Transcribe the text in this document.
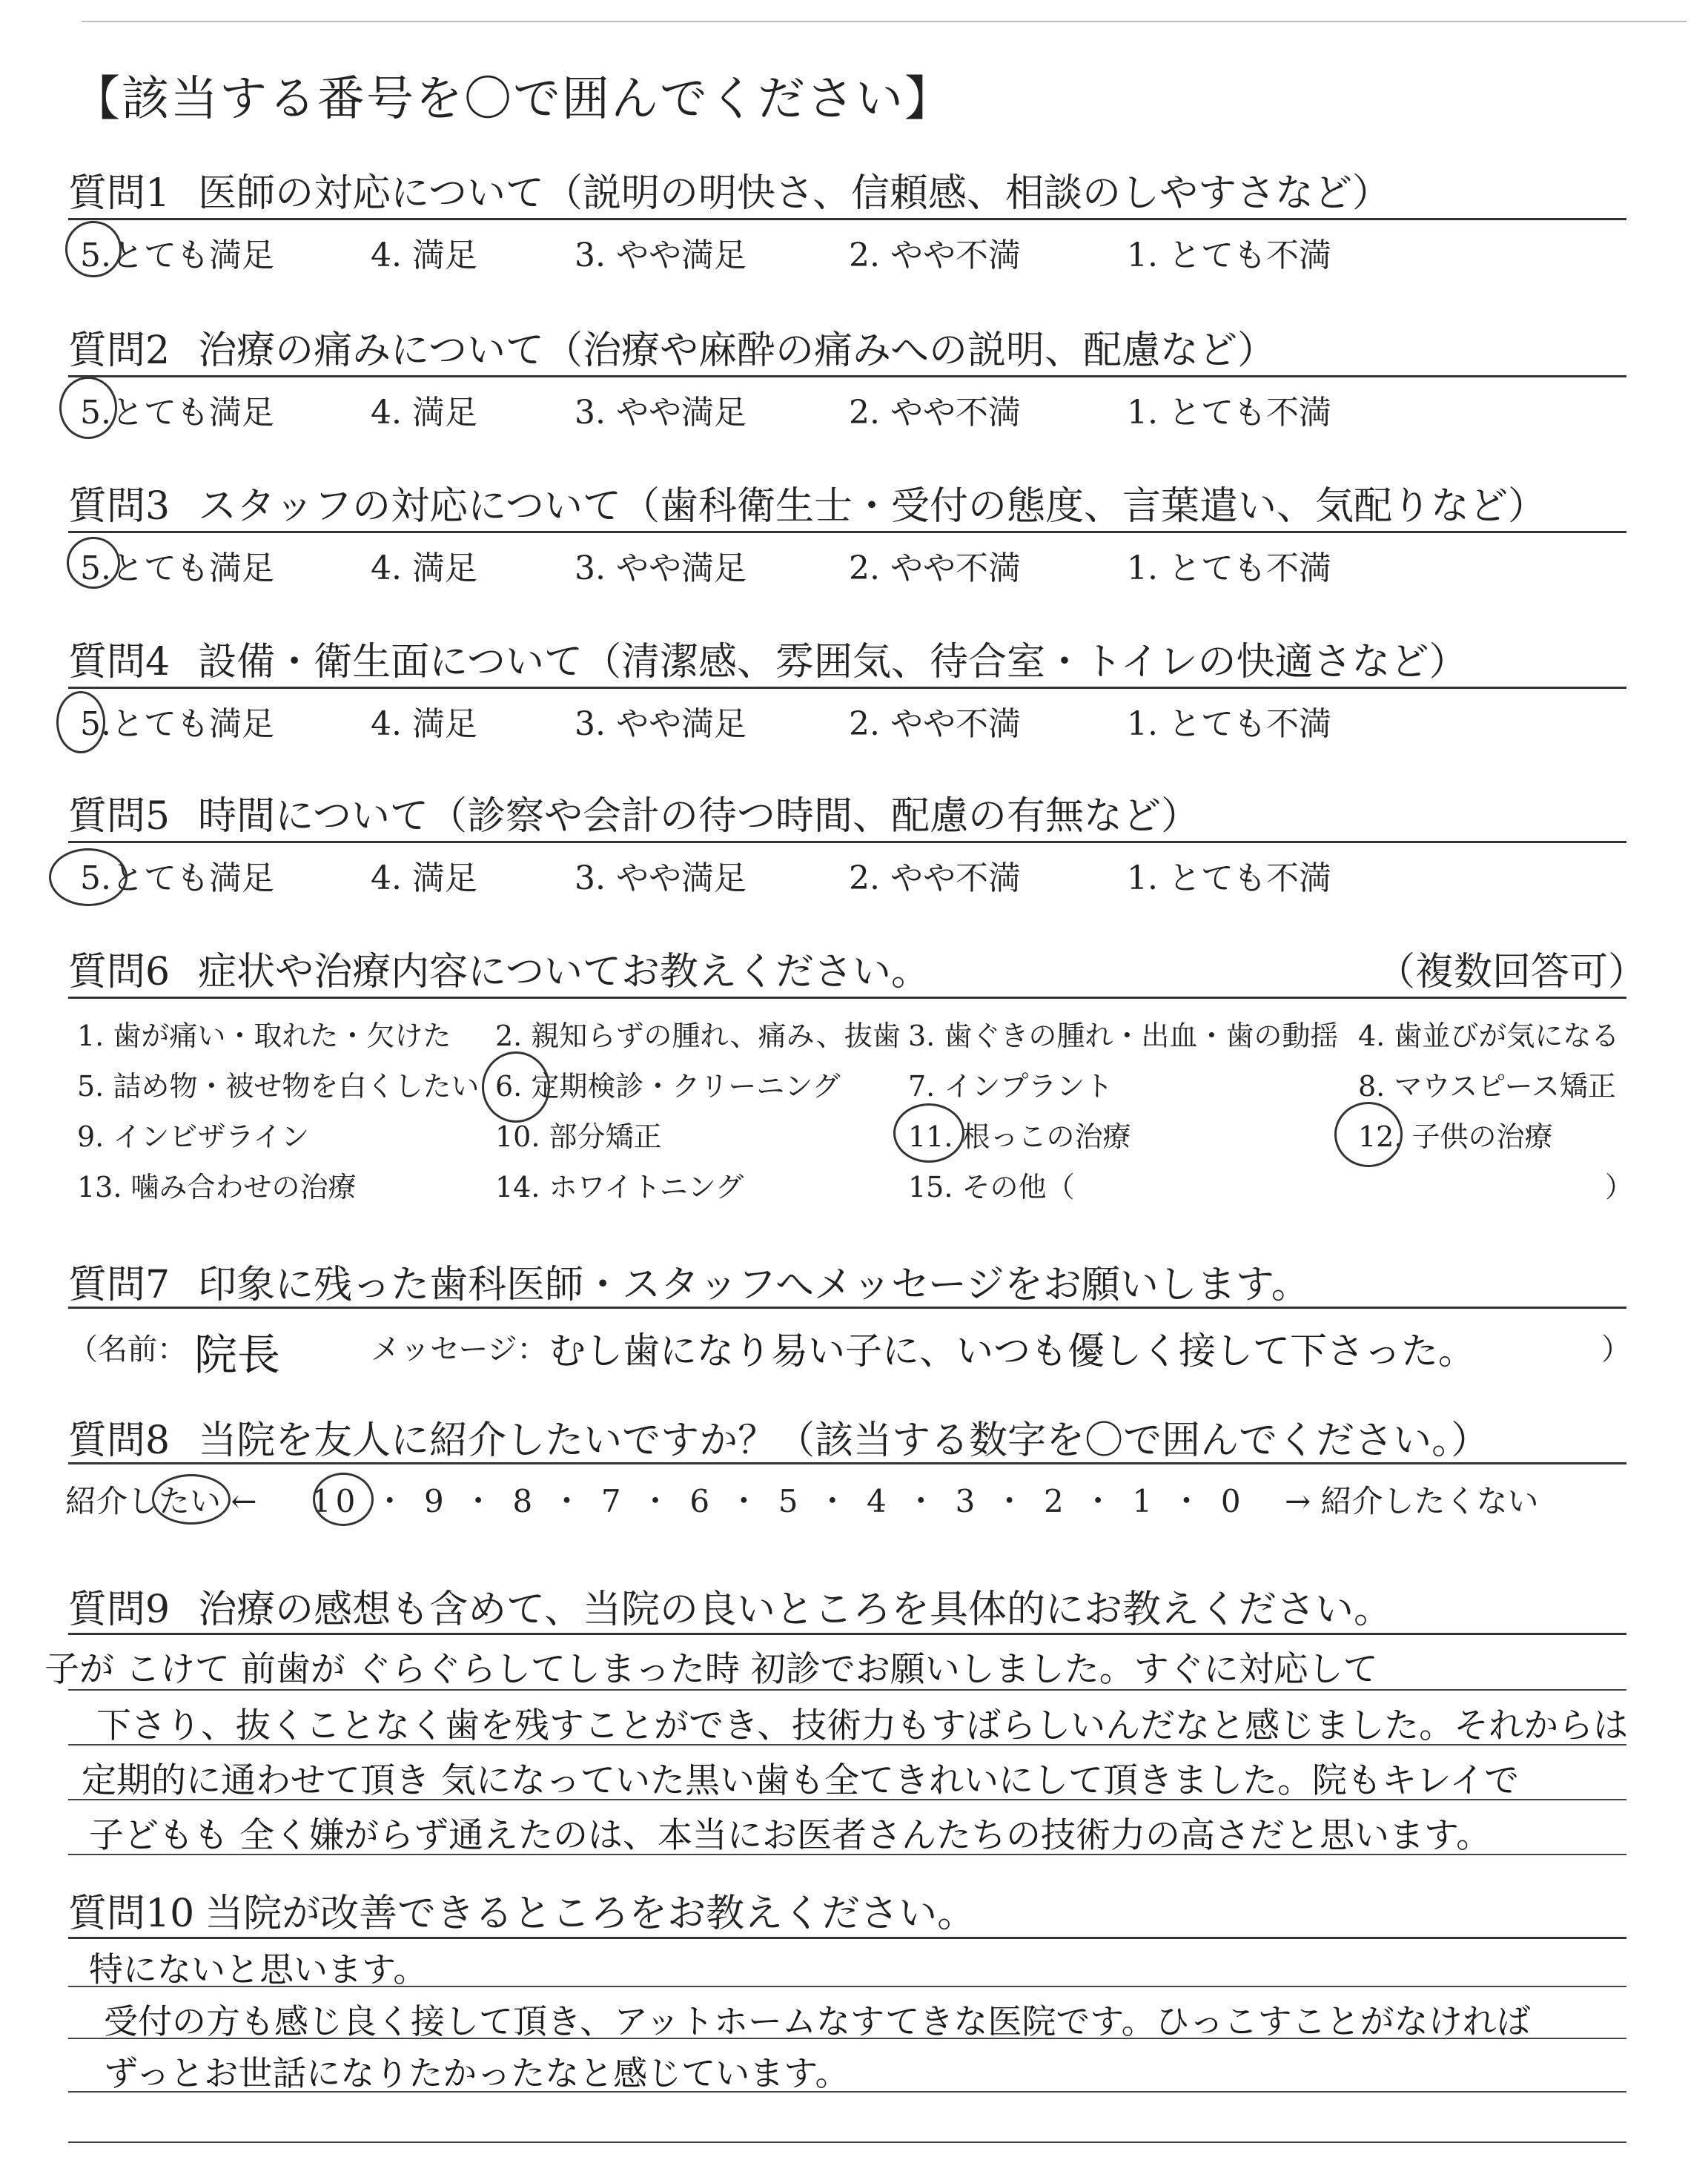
【該当する番号を〇で囲んでください】
質問1 医師の対応について（説明の明快さ、信頼感、相談のしやすさなど）
5.とても満足	4. 満足	3. やや満足	2. やや不満	1. とても不満
質問2 治療の痛みについて（治療や麻酔の痛みへの説明、配慮など）
5.とても満足	4. 満足	3. やや満足	2. やや不満	1. とても不満
質問3 スタッフの対応について（歯科衛生士・受付の態度、言葉遣い、気配りなど）
5.とても満足	4. 満足	3. やや満足	2. やや不満	1. とても不満
質問4 設備・衛生面について（清潔感、雰囲気、待合室・トイレの快適さなど）
5.とても満足	4. 満足	3. やや満足	2. やや不満	1. とても不満
質問5 時間について（診察や会計の待つ時間、配慮の有無など）
5.とても満足	4. 満足	3. やや満足	2. やや不満	1. とても不満
質問6 症状や治療内容についてお教えください。	（複数回答可）
1. 歯が痛い・取れた・欠けた 2. 親知らずの腫れ、痛み、抜歯 3. 歯ぐきの腫れ・出血・歯の動揺 4. 歯並びが気になる
5. 詰め物・被せ物を白くしたい 6. 定期検診・クリーニング 7. インプラント	8. マウスピース矯正
9. インビザライン	10. 部分矯正	11. 根っこの治療	12. 子供の治療
13. 噛み合わせの治療	14. ホワイトニング	15. その他（	）
質問7 印象に残った歯科医師・スタッフへメッセージをお願いします。
（名前： 院長	メッセージ： むし歯になり易い子に、いつも優しく接して下さった。	）
質問8 当院を友人に紹介したいですか？（該当する数字を〇で囲んでください。）
紹介したい ← 10 ・ 9 ・ 8 ・ 7 ・ 6 ・ 5 ・ 4 ・ 3 ・ 2 ・ 1 ・ 0 → 紹介したくない
質問9 治療の感想も含めて、当院の良いところを具体的にお教えください。
子が こけて 前歯が ぐらぐらしてしまった時 初診でお願いしました。すぐに対応して
下さり、抜くことなく歯を残すことができ、技術力もすばらしいんだなと感じました。それからは
定期的に通わせて頂き 気になっていた黒い歯も全てきれいにして頂きました。院もキレイで
子どもも 全く嫌がらず通えたのは、本当にお医者さんたちの技術力の高さだと思います。
質問10 当院が改善できるところをお教えください。
特にないと思います。
受付の方も感じ良く接して頂き、アットホームなすてきな医院です。ひっこすことがなければ
ずっとお世話になりたかったなと感じています。
